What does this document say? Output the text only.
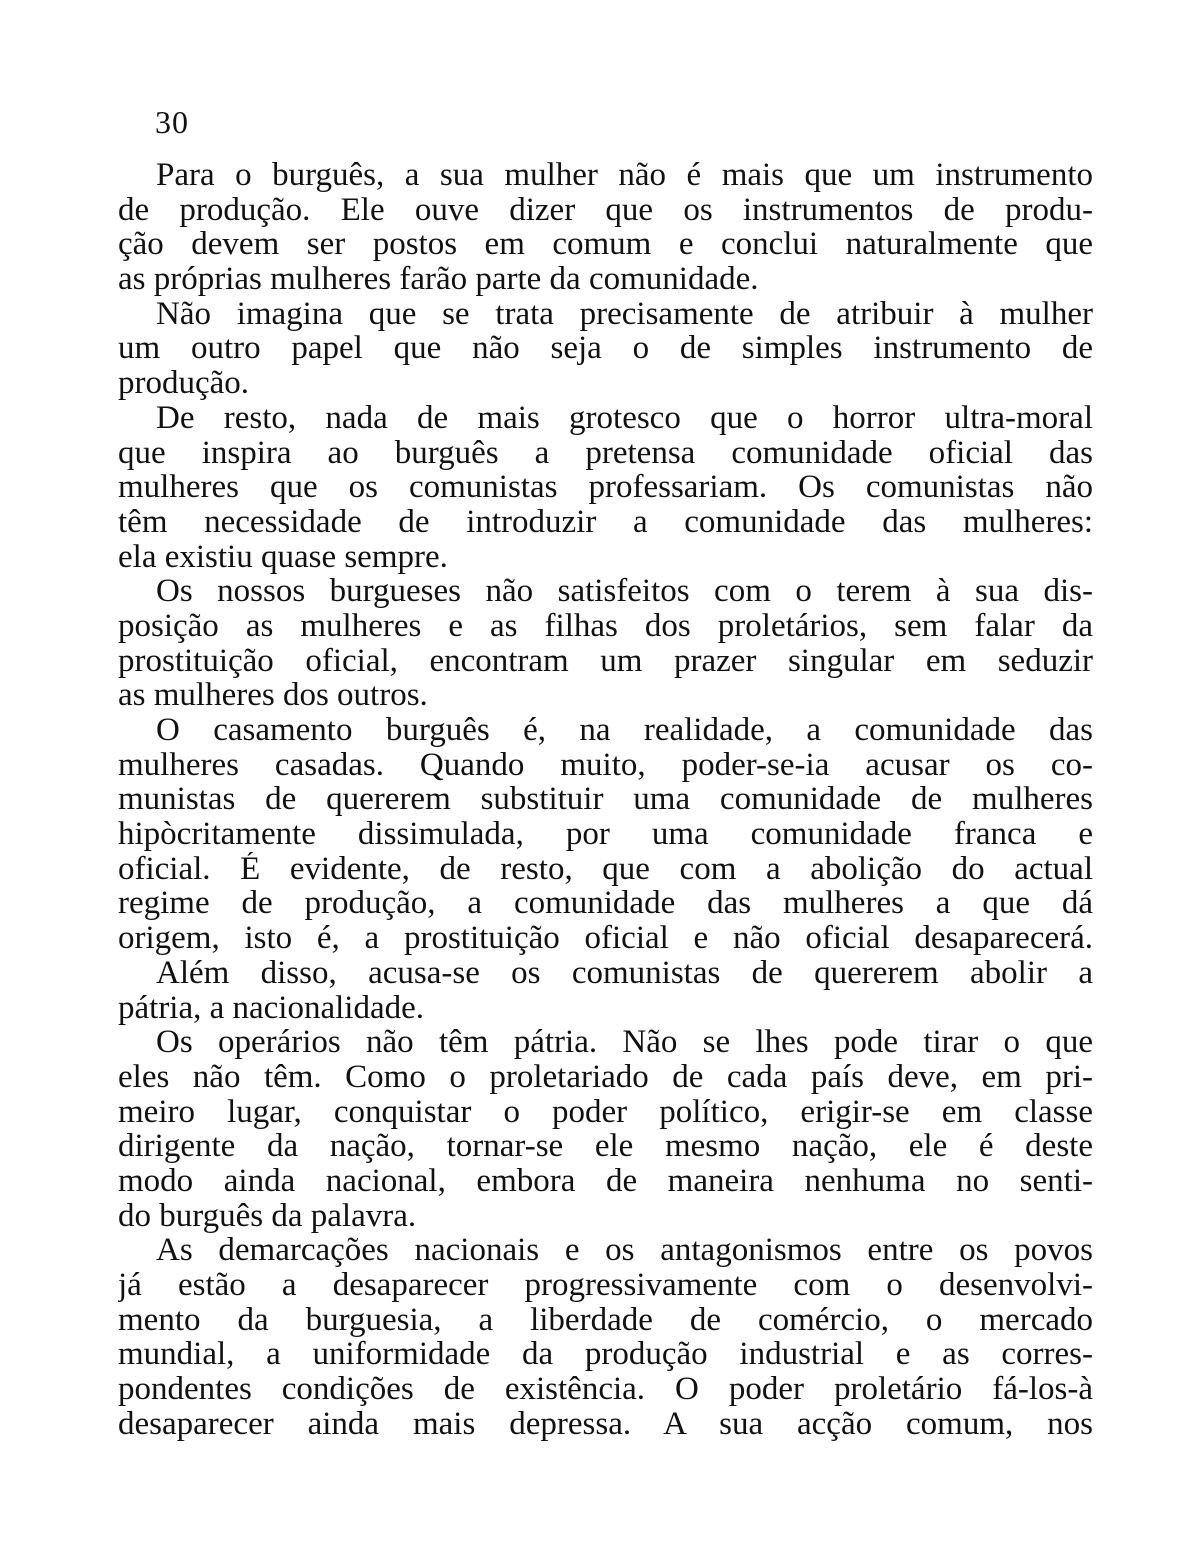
30
Para o burguês, a sua mulher não é mais que um instrumento
de produção. Ele ouve dizer que os instrumentos de produ-
ção devem ser postos em comum e conclui naturalmente que
as próprias mulheres farão parte da comunidade.
Não imagina que se trata precisamente de atribuir à mulher
um outro papel que não seja o de simples instrumento de
produção.
De resto, nada de mais grotesco que o horror ultra-moral
que inspira ao burguês a pretensa comunidade oficial das
mulheres que os comunistas professariam. Os comunistas não
têm necessidade de introduzir a comunidade das mulheres:
ela existiu quase sempre.
Os nossos burgueses não satisfeitos com o terem à sua dis-
posição as mulheres e as filhas dos proletários, sem falar da
prostituição oficial, encontram um prazer singular em seduzir
as mulheres dos outros.
O casamento burguês é, na realidade, a comunidade das
mulheres casadas. Quando muito, poder-se-ia acusar os co-
munistas de quererem substituir uma comunidade de mulheres
hipòcritamente dissimulada, por uma comunidade franca e
oficial. É evidente, de resto, que com a abolição do actual
regime de produção, a comunidade das mulheres a que dá
origem, isto é, a prostituição oficial e não oficial desaparecerá.
Além disso, acusa-se os comunistas de quererem abolir a
pátria, a nacionalidade.
Os operários não têm pátria. Não se lhes pode tirar o que
eles não têm. Como o proletariado de cada país deve, em pri-
meiro lugar, conquistar o poder político, erigir-se em classe
dirigente da nação, tornar-se ele mesmo nação, ele é deste
modo ainda nacional, embora de maneira nenhuma no senti-
do burguês da palavra.
As demarcações nacionais e os antagonismos entre os povos
já estão a desaparecer progressivamente com o desenvolvi-
mento da burguesia, a liberdade de comércio, o mercado
mundial, a uniformidade da produção industrial e as corres-
pondentes condições de existência. O poder proletário fá-los-à
desaparecer ainda mais depressa. A sua acção comum, nos
